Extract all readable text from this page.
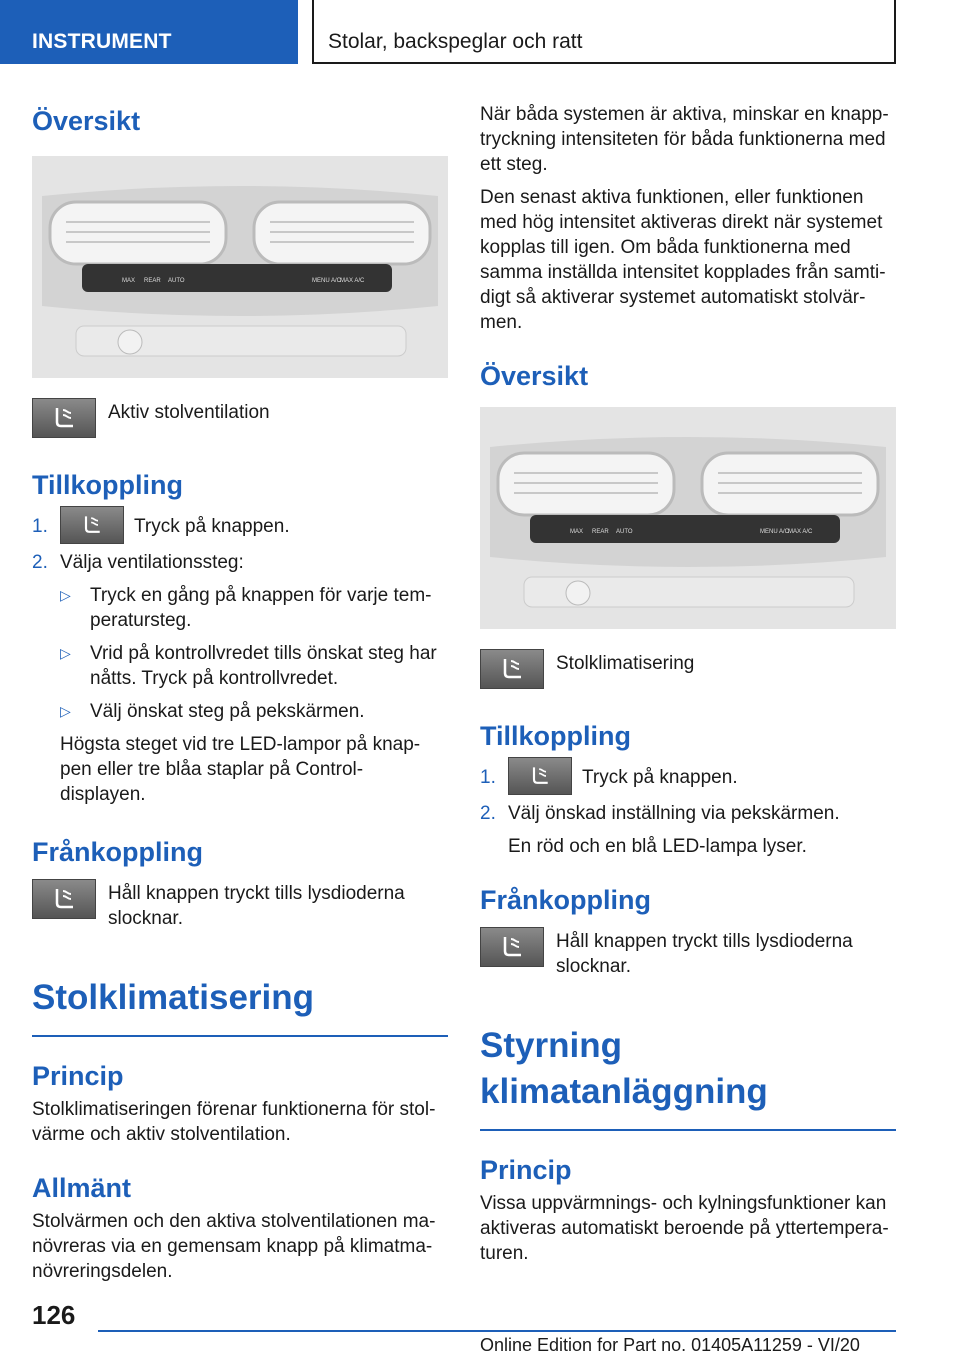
INSTRUMENT	Stolar, backspeglar och ratt
Översikt
MAX REAR AUTO	MENU A/C
MAX A/C
Aktiv stolventilation
Tillkoppling
1.	Tryck på knappen.
2. Välja ventilationssteg:
▷	Tryck en gång på knappen för varje tem-peratursteg.
▷	Vrid på kontrollvredet tills önskat steg har nåtts. Tryck på kontrollvredet.
▷	Välj önskat steg på pekskärmen.
Högsta steget vid tre LED-lampor på knap-pen eller tre blåa staplar på Control-displayen.
Frånkoppling
Håll knappen tryckt tills lysdioderna slocknar.
Stolklimatisering
Princip

Stolklimatiseringen förenar funktionerna för stol-värme och aktiv stolventilation.

Allmänt

Stolvärmen och den aktiva stolventilationen ma-növreras via en gemensam knapp på klimatma-növreringsdelen.

När båda systemen är aktiva, minskar en knapp-tryckning intensiteten för båda funktionerna med ett steg.

Den senast aktiva funktionen, eller funktionen med hög intensitet aktiveras direkt när systemet kopplas till igen. Om båda funktionerna med samma inställda intensitet kopplades från samti-digt så aktiverar systemet automatiskt stolvär-men.

Översikt
MAX REAR AUTO	MENU A/C
MAX A/C
Stolklimatisering
Tillkoppling
1.	Tryck på knappen.
2. Välj önskad inställning via pekskärmen.
En röd och en blå LED-lampa lyser.
Frånkoppling
Håll knappen tryckt tills lysdioderna slocknar.
Styrning klimatanläggning
Princip

Vissa uppvärmnings- och kylningsfunktioner kan aktiveras automatiskt beroende på yttertempera-turen.

126
Online Edition for Part no. 01405A11259 - VI/20
